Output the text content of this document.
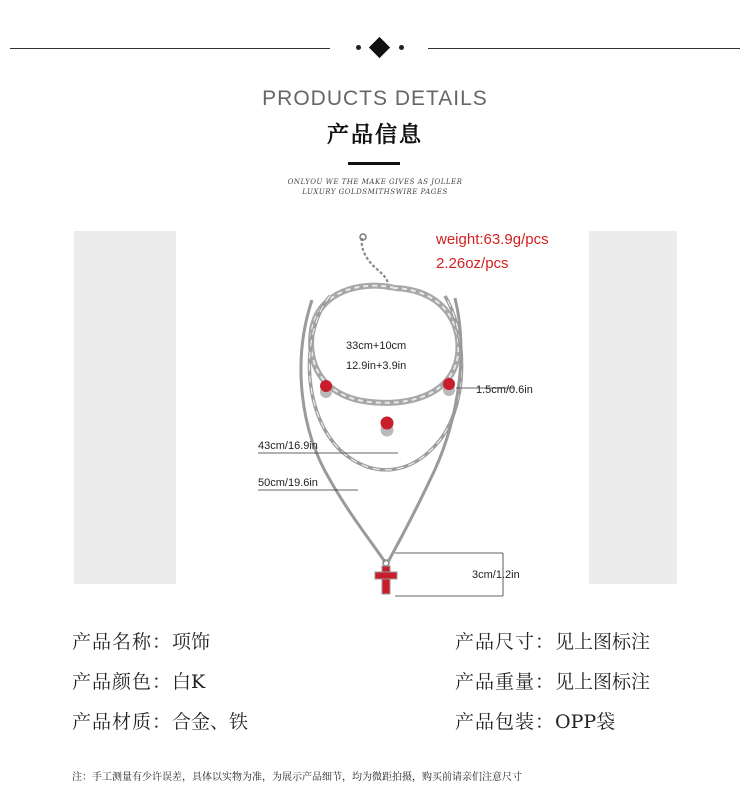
PRODUCTS DETAILS
产品信息
ONLYOU WE THE MAKE GIVES AS JOLLER
LUXURY GOLDSMITHSWIRE PAGES
weight:63.9g/pcs
2.26oz/pcs
33cm+10cm
12.9in+3.9in
1.5cm/0.6in
43cm/16.9in
50cm/19.6in
3cm/1.2in
产品名称：项饰
产品颜色：白K
产品材质：合金、铁
产品尺寸：见上图标注
产品重量：见上图标注
产品包装：OPP袋
注：手工测量有少许误差，具体以实物为准，为展示产品细节，均为微距拍摄，购买前请亲们注意尺寸
